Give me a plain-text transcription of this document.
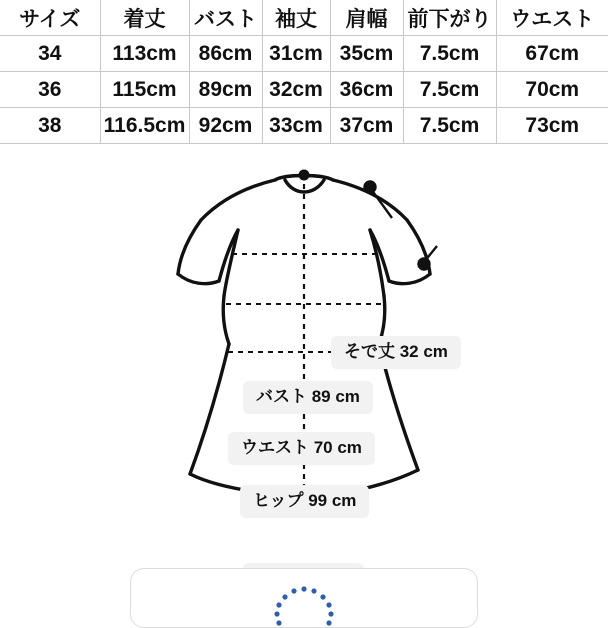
サイズ	着丈	バスト	袖丈	肩幅	前下がり	ウエスト
34	113cm	86cm	31cm	35cm	7.5cm	67cm
36	115cm	89cm	32cm	36cm	7.5cm	70cm
38	116.5cm	92cm	33cm	37cm	7.5cm	73cm
そで丈 32 cm
バスト 89 cm
ウエスト 70 cm
ヒップ 99 cm
